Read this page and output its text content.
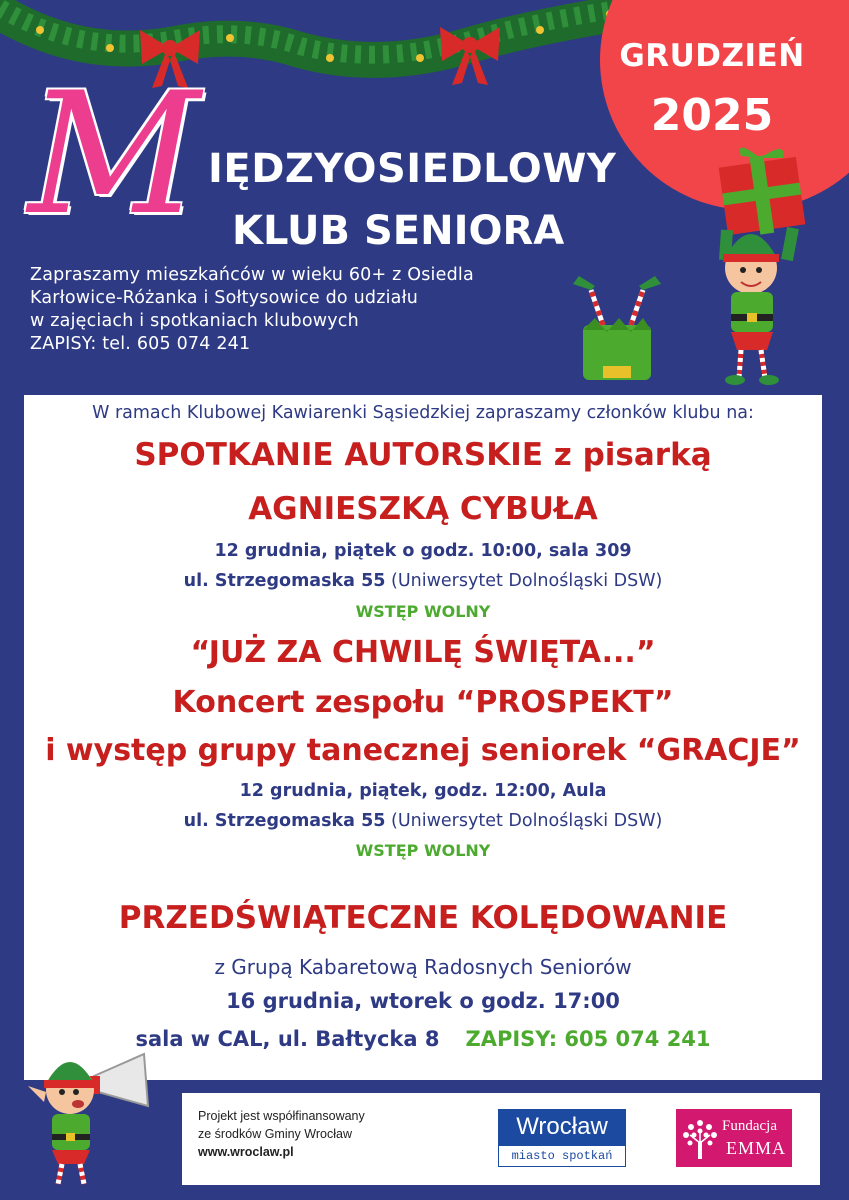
GRUDZIEŃ
2025
M IĘDZYOSIEDLOWY
KLUB SENIORA
Zapraszamy mieszkańców w wieku 60+ z Osiedla
Karłowice-Różanka i Sołtysowice do udziału
w zajęciach i spotkaniach klubowych
ZAPISY: tel. 605 074 241
W ramach Klubowej Kawiarenki Sąsiedzkiej zapraszamy członków klubu na:
SPOTKANIE AUTORSKIE z pisarką
AGNIESZKĄ CYBUŁA
12 grudnia, piątek o godz. 10:00, sala 309
ul. Strzegomaska 55 (Uniwersytet Dolnośląski DSW)
WSTĘP WOLNY
“JUŻ ZA CHWILĘ ŚWIĘTA...”
Koncert zespołu “PROSPEKT”
i występ grupy tanecznej seniorek “GRACJE”
12 grudnia, piątek, godz. 12:00, Aula
ul. Strzegomaska 55 (Uniwersytet Dolnośląski DSW)
WSTĘP WOLNY
PRZEDŚWIĄTECZNE KOLĘDOWANIE
z Grupą Kabaretową Radosnych Seniorów
16 grudnia, wtorek o godz. 17:00
sala w CAL, ul. Bałtycka 8 ZAPISY: 605 074 241
Projekt jest współfinansowany
ze środków Gminy Wrocław
www.wroclaw.pl
Wrocław
miasto spotkań
Fundacja
EMMA
